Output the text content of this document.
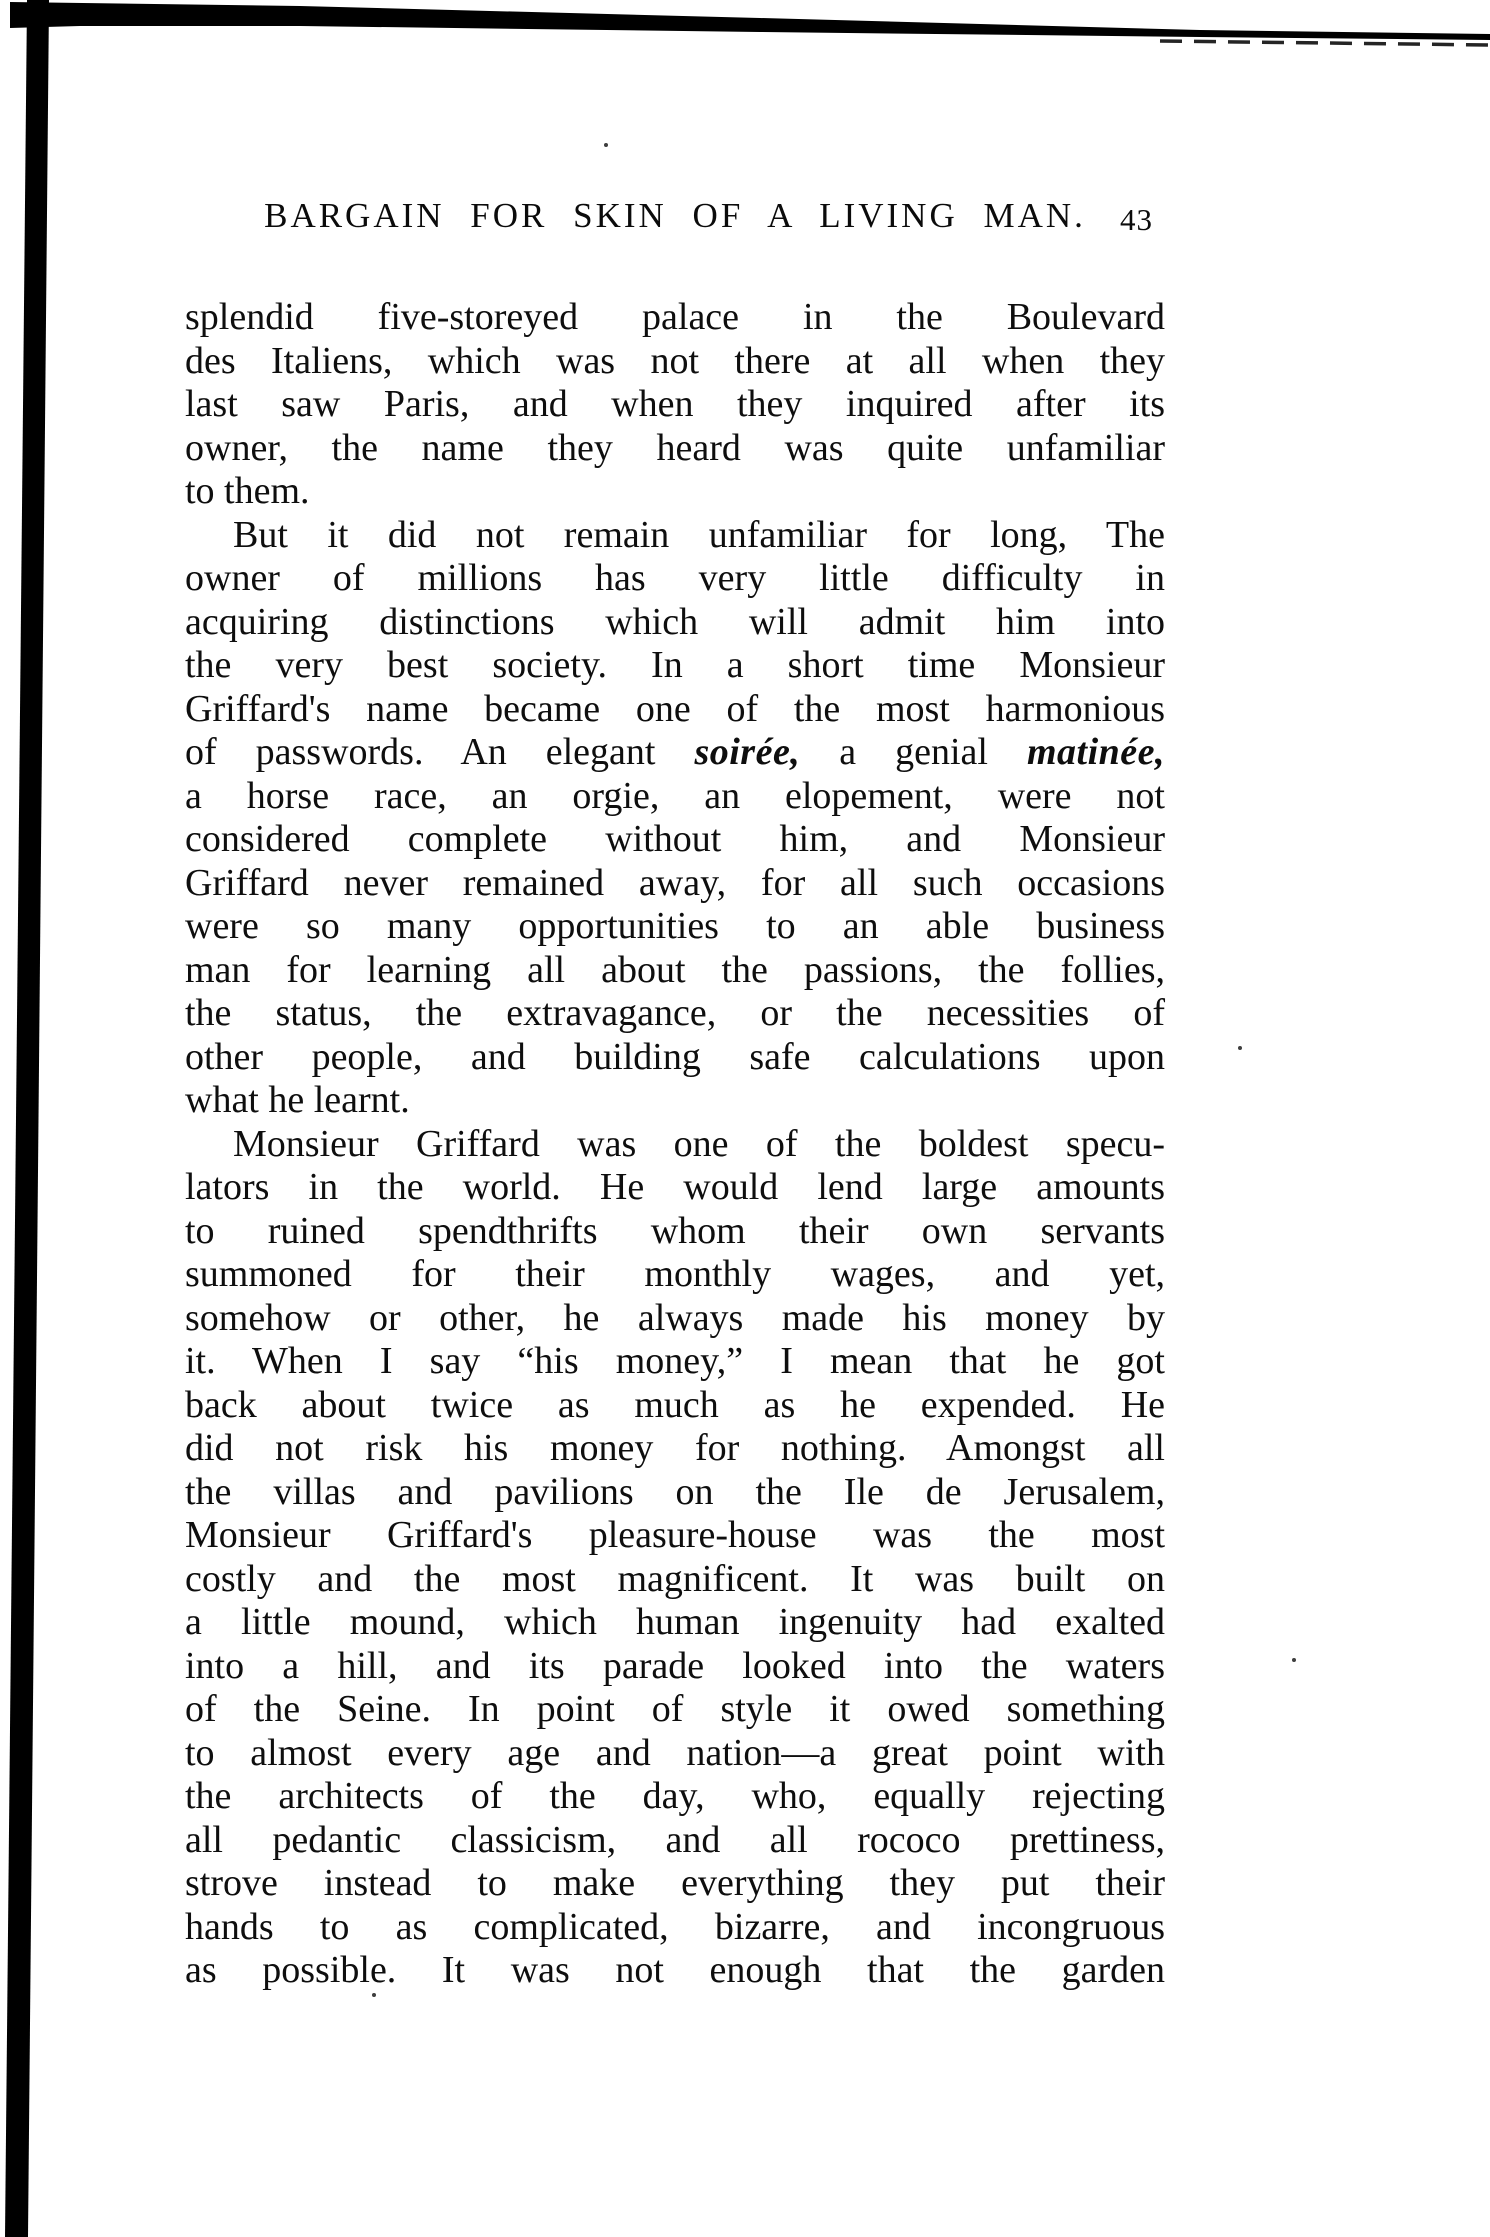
BARGAIN FOR SKIN OF A LIVING MAN.	43
splendid five-storeyed palace in the Boulevard
des Italiens, which was not there at all when they
last saw Paris, and when they inquired after its
owner, the name they heard was quite unfamiliar
to them.
But it did not remain unfamiliar for long, The
owner of millions has very little difficulty in
acquiring distinctions which will admit him into
the very best society. In a short time Monsieur
Griffard's name became one of the most harmonious
of passwords. An elegant soirée, a genial matinée,
a horse race, an orgie, an elopement, were not
considered complete without him, and Monsieur
Griffard never remained away, for all such occasions
were so many opportunities to an able business
man for learning all about the passions, the follies,
the status, the extravagance, or the necessities of
other people, and building safe calculations upon
what he learnt.
Monsieur Griffard was one of the boldest specu-
lators in the world. He would lend large amounts
to ruined spendthrifts whom their own servants
summoned for their monthly wages, and yet,
somehow or other, he always made his money by
it. When I say “his money,” I mean that he got
back about twice as much as he expended. He
did not risk his money for nothing. Amongst all
the villas and pavilions on the Ile de Jerusalem,
Monsieur Griffard's pleasure-house was the most
costly and the most magnificent. It was built on
a little mound, which human ingenuity had exalted
into a hill, and its parade looked into the waters
of the Seine. In point of style it owed something
to almost every age and nation—a great point with
the architects of the day, who, equally rejecting
all pedantic classicism, and all rococo prettiness,
strove instead to make everything they put their
hands to as complicated, bizarre, and incongruous
as possible. It was not enough that the garden
